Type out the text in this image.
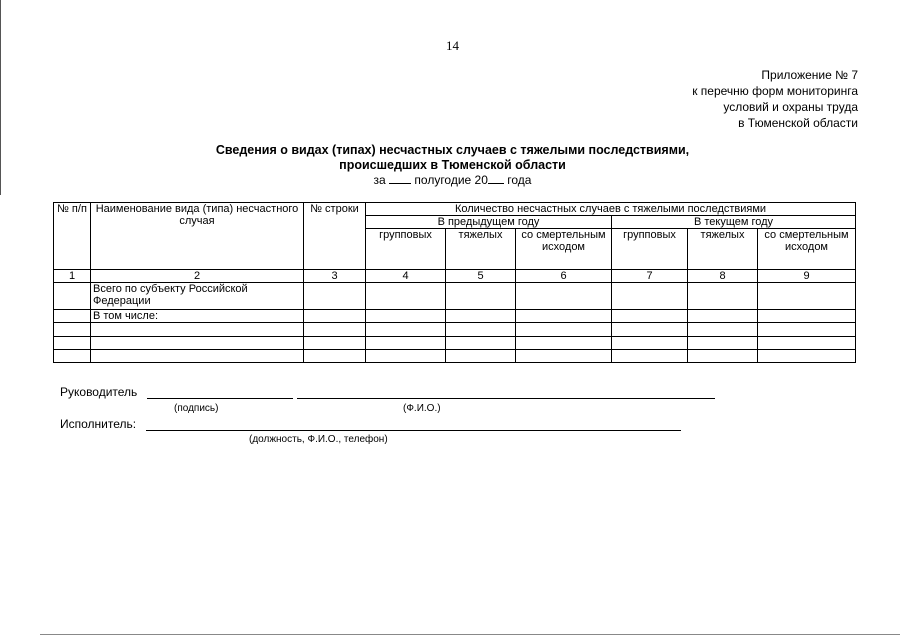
14
Приложение № 7
к перечню форм мониторинга
условий и охраны труда
в Тюменской области
Сведения о видах (типах) несчастных случаев с тяжелыми последствиями,
происшедших в Тюменской области
за полугодие 20 года
№ п/п	Наименование вида (типа) несчастного случая	№ строки	Количество несчастных случаев с тяжелыми последствиями					
			В предыдущем году			В текущем году		
			групповых	тяжелых	со смертельным исходом	групповых	тяжелых	со смертельным исходом
1	2	3	4	5	6	7	8	9
	Всего по субъекту Российской Федерации							
	В том числе:							

Руководитель
(подпись)	(Ф.И.О.)
Исполнитель:
(должность, Ф.И.О., телефон)
